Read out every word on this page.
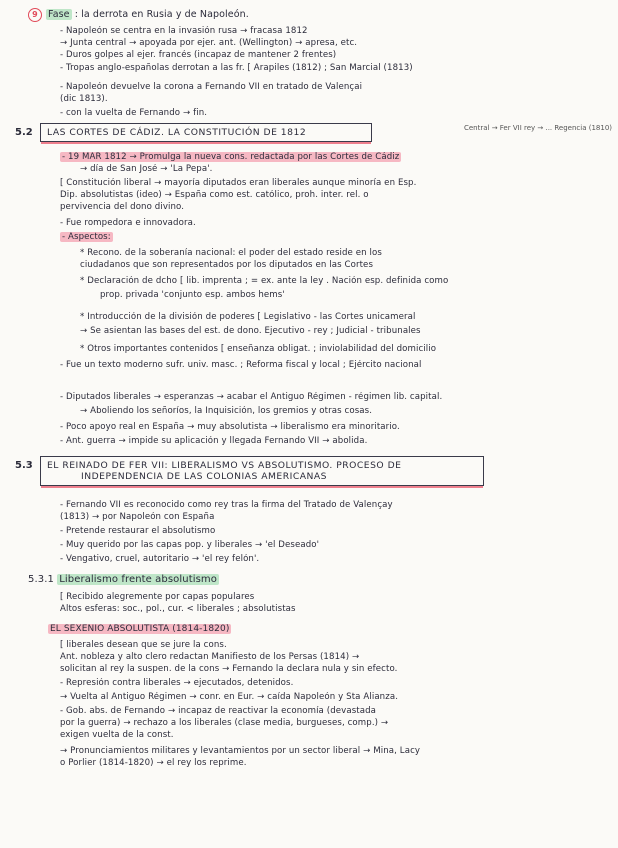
9 Fase : la derrota en Rusia y de Napoleón.
- Napoleón se centra en la invasión rusa → fracasa 1812
→ Junta central → apoyada por ejer. ant. (Wellington) → apresa, etc.
- Duros golpes al ejer. francés (incapaz de mantener 2 frentes)
- Tropas anglo-españolas derrotan a las fr. [ Arapiles (1812) ; San Marcial (1813)
- Napoleón devuelve la corona a Fernando VII en tratado de Valençai
(dic 1813).
- con la vuelta de Fernando → fin.
5.2	LAS CORTES DE CÁDIZ. LA CONSTITUCIÓN DE 1812	Central → Fer VII rey → ... Regencia (1810)
- 19 MAR 1812 → Promulga la nueva cons. redactada por las Cortes de Cádiz
→ día de San José → 'La Pepa'.
[ Constitución liberal → mayoría diputados eran liberales aunque minoría en Esp.
Dip. absolutistas (ideo) → España como est. católico, proh. inter. rel. o
pervivencia del dono divino.
- Fue rompedora e innovadora.
- Aspectos:
* Recono. de la soberanía nacional: el poder del estado reside en los
ciudadanos que son representados por los diputados en las Cortes
* Declaración de dcho [ lib. imprenta ; = ex. ante la ley . Nación esp. definida como
prop. privada 'conjunto esp. ambos hems'
* Introducción de la división de poderes [ Legislativo - las Cortes unicameral
→ Se asientan las bases del est. de dono. Ejecutivo - rey ; Judicial - tribunales
* Otros importantes contenidos [ enseñanza obligat. ; inviolabilidad del domicilio
- Fue un texto moderno sufr. univ. masc. ; Reforma fiscal y local ; Ejército nacional
- Diputados liberales → esperanzas → acabar el Antiguo Régimen - régimen lib. capital.
→ Aboliendo los señoríos, la Inquisición, los gremios y otras cosas.
- Poco apoyo real en España → muy absolutista → liberalismo era minoritario.
- Ant. guerra → impide su aplicación y llegada Fernando VII → abolida.
5.3 EL REINADO DE FER VII: LIBERALISMO VS ABSOLUTISMO. PROCESO DE
INDEPENDENCIA DE LAS COLONIAS AMERICANAS
- Fernando VII es reconocido como rey tras la firma del Tratado de Valençay
(1813) → por Napoleón con España
- Pretende restaurar el absolutismo
- Muy querido por las capas pop. y liberales → 'el Deseado'
- Vengativo, cruel, autoritario → 'el rey felón'.
5.3.1 Liberalismo frente absolutismo
[ Recibido alegremente por capas populares
Altos esferas: soc., pol., cur. < liberales ; absolutistas
EL SEXENIO ABSOLUTISTA (1814-1820)
[ liberales desean que se jure la cons.
Ant. nobleza y alto clero redactan Manifiesto de los Persas (1814) →
solicitan al rey la suspen. de la cons → Fernando la declara nula y sin efecto.
- Represión contra liberales → ejecutados, detenidos.
→ Vuelta al Antiguo Régimen → conr. en Eur. → caída Napoleón y Sta Alianza.
- Gob. abs. de Fernando → incapaz de reactivar la economía (devastada
por la guerra) → rechazo a los liberales (clase media, burgueses, comp.) →
exigen vuelta de la const.
→ Pronunciamientos militares y levantamientos por un sector liberal → Mina, Lacy
o Porlier (1814-1820) → el rey los reprime.
